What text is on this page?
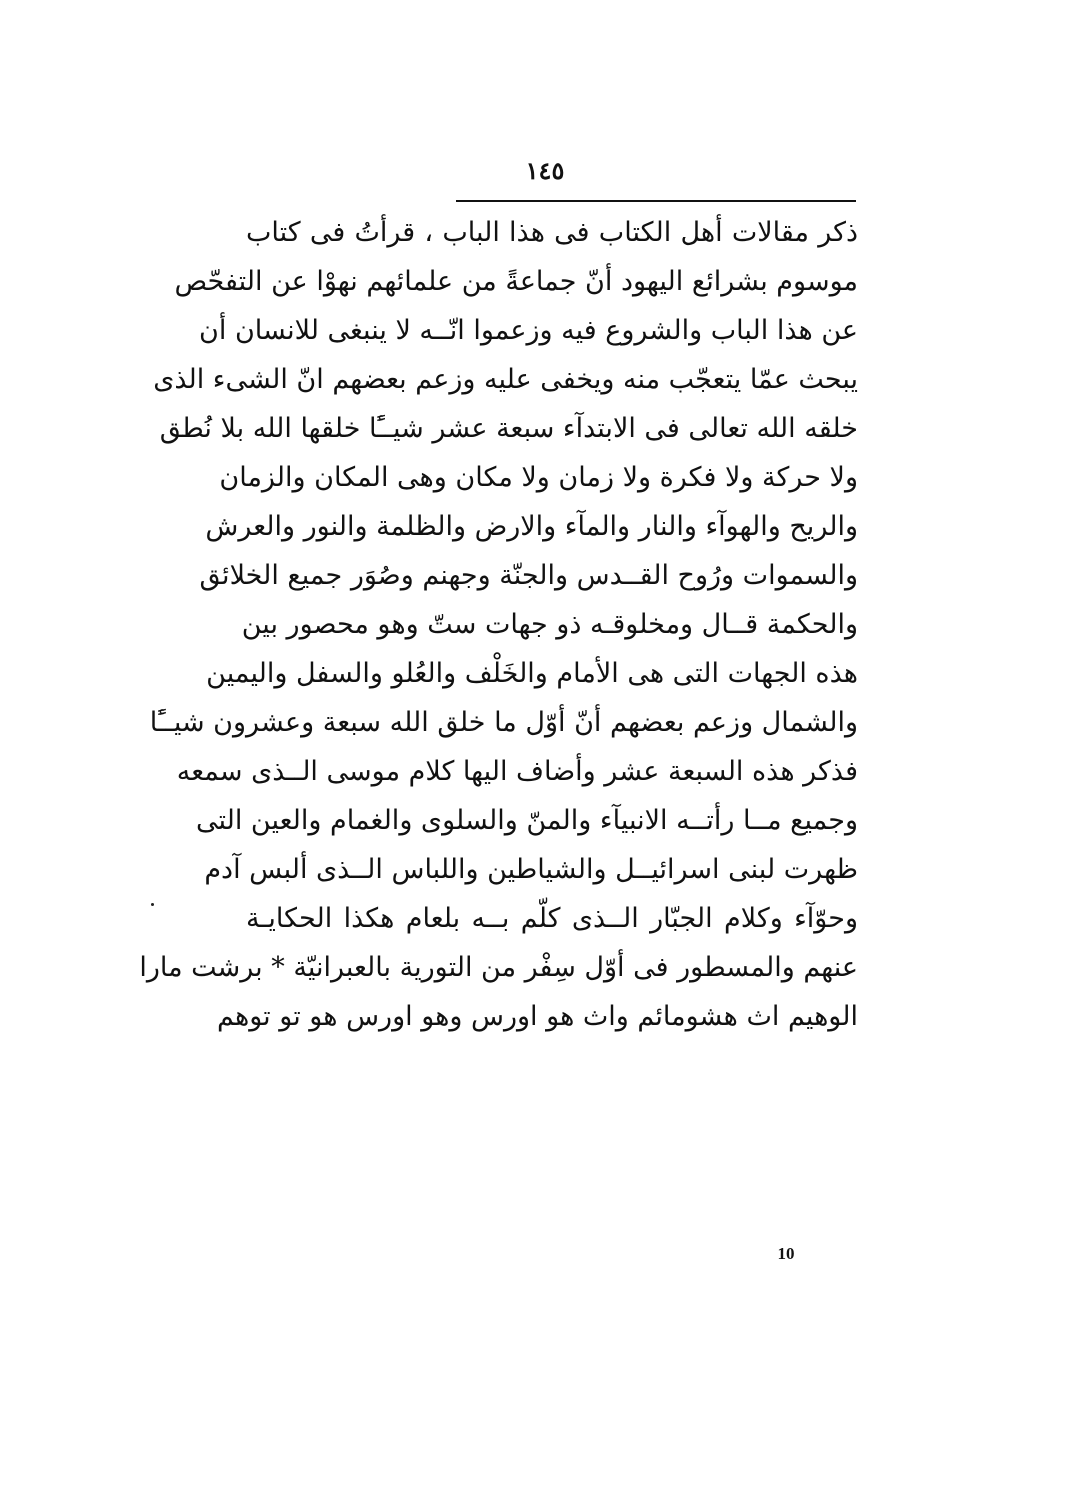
١٤٥
ذكر مقالات أهل الكتاب فى هذا الباب ، قرأتُ فى كتاب
موسوم بشرائع اليهود أنّ جماعةً من علمائهم نهوْا عن التفحّص
عن هذا الباب والشروع فيه وزعموا انّــه لا ينبغى للانسان أن
يبحث عمّا يتعجّب منه ويخفى عليه وزعم بعضهم انّ الشىء الذى
خلقه الله تعالى فى الابتدآء سبعة عشر شيــًٔا خلقها الله بلا نُطق
ولا حركة ولا فكرة ولا زمان ولا مكان وهى المكان والزمان
والريح والهوآء والنار والمآء والارض والظلمة والنور والعرش
والسموات ورُوح القــدس والجنّة وجهنم وصُوَر جميع الخلائق
والحكمة قــال ومخلوقـه ذو جهات ستّ وهو محصور بين
هذه الجهات التى هى الأمام والخَلْف والعُلو والسفل واليمين
والشمال وزعم بعضهم أنّ أوّل ما خلق الله سبعة وعشرون شيــًٔا
فذكر هذه السبعة عشر وأضاف اليها كلام موسى الــذى سمعه
وجميع مــا رأتــه الانبيآء والمنّ والسلوى والغمام والعين التى
ظهرت لبنى اسرائيــل والشياطين واللباس الــذى ألبس آدم
وحوّآء وكلام الجبّار الــذى كلّم بــه بلعام هكذا الحكايـة
عنهم والمسطور فى أوّل سِفْر من التورية بالعبرانيّة * برشت مارا
الوهيم اث هشومائم واث هو اورس وهو اورس هو تو توهم
10
